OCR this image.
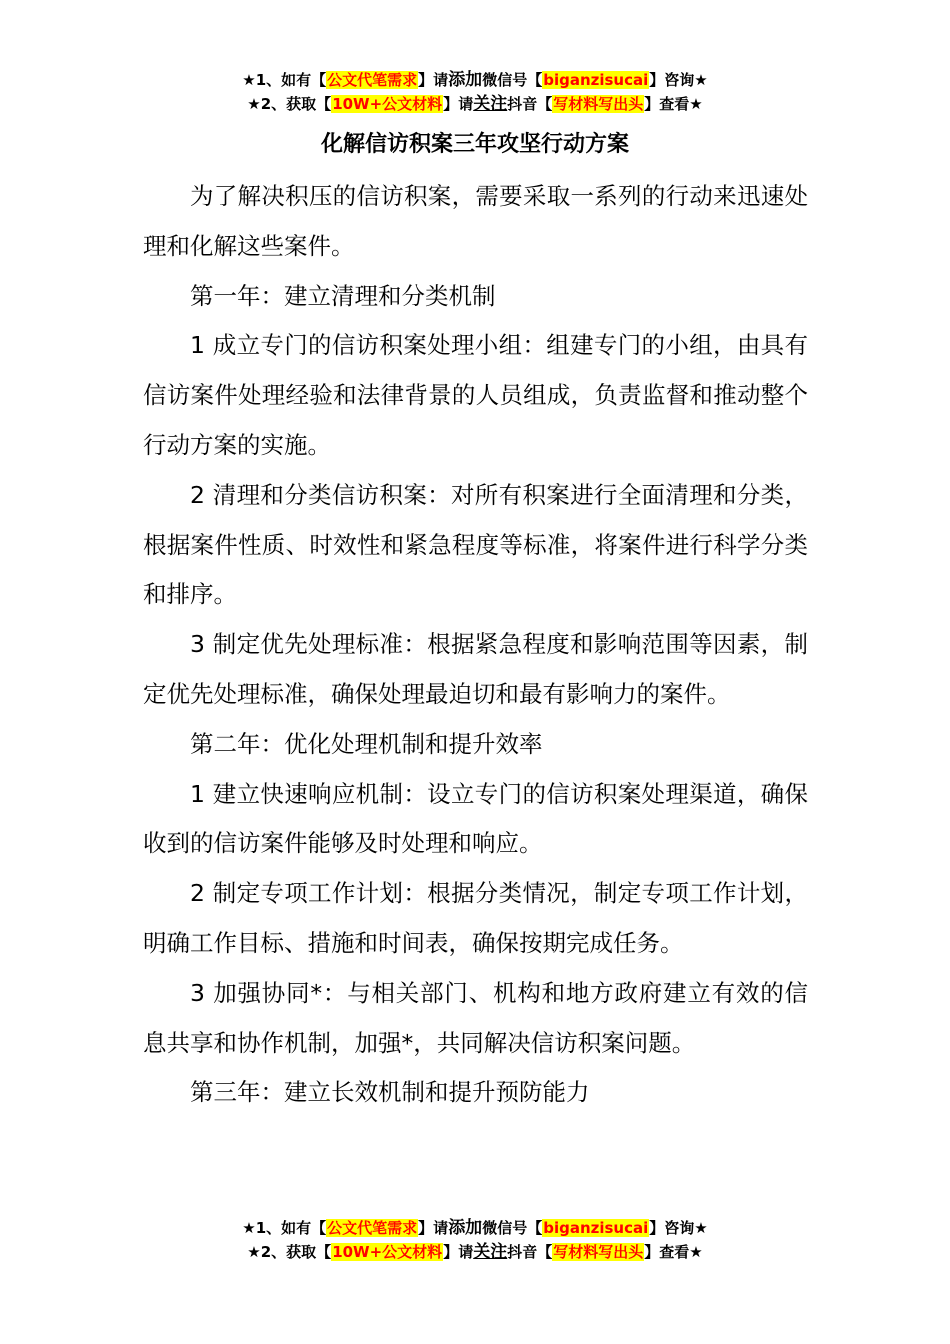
★1、如有【公文代笔需求】请添加微信号【biganzisucai】咨询★
★2、获取【10W+公文材料】请关注抖音【写材料写出头】查看★
化解信访积案三年攻坚行动方案

为了解决积压的信访积案，需要采取一系列的行动来迅速处理和化解这些案件。

第一年：建立清理和分类机制

1 成立专门的信访积案处理小组：组建专门的小组，由具有信访案件处理经验和法律背景的人员组成，负责监督和推动整个行动方案的实施。

2 清理和分类信访积案：对所有积案进行全面清理和分类，根据案件性质、时效性和紧急程度等标准，将案件进行科学分类和排序。

3 制定优先处理标准：根据紧急程度和影响范围等因素，制定优先处理标准，确保处理最迫切和最有影响力的案件。

第二年：优化处理机制和提升效率

1 建立快速响应机制：设立专门的信访积案处理渠道，确保收到的信访案件能够及时处理和响应。

2 制定专项工作计划：根据分类情况，制定专项工作计划，明确工作目标、措施和时间表，确保按期完成任务。

3 加强协同*：与相关部门、机构和地方政府建立有效的信息共享和协作机制，加强*，共同解决信访积案问题。

第三年：建立长效机制和提升预防能力

★1、如有【公文代笔需求】请添加微信号【biganzisucai】咨询★
★2、获取【10W+公文材料】请关注抖音【写材料写出头】查看★
